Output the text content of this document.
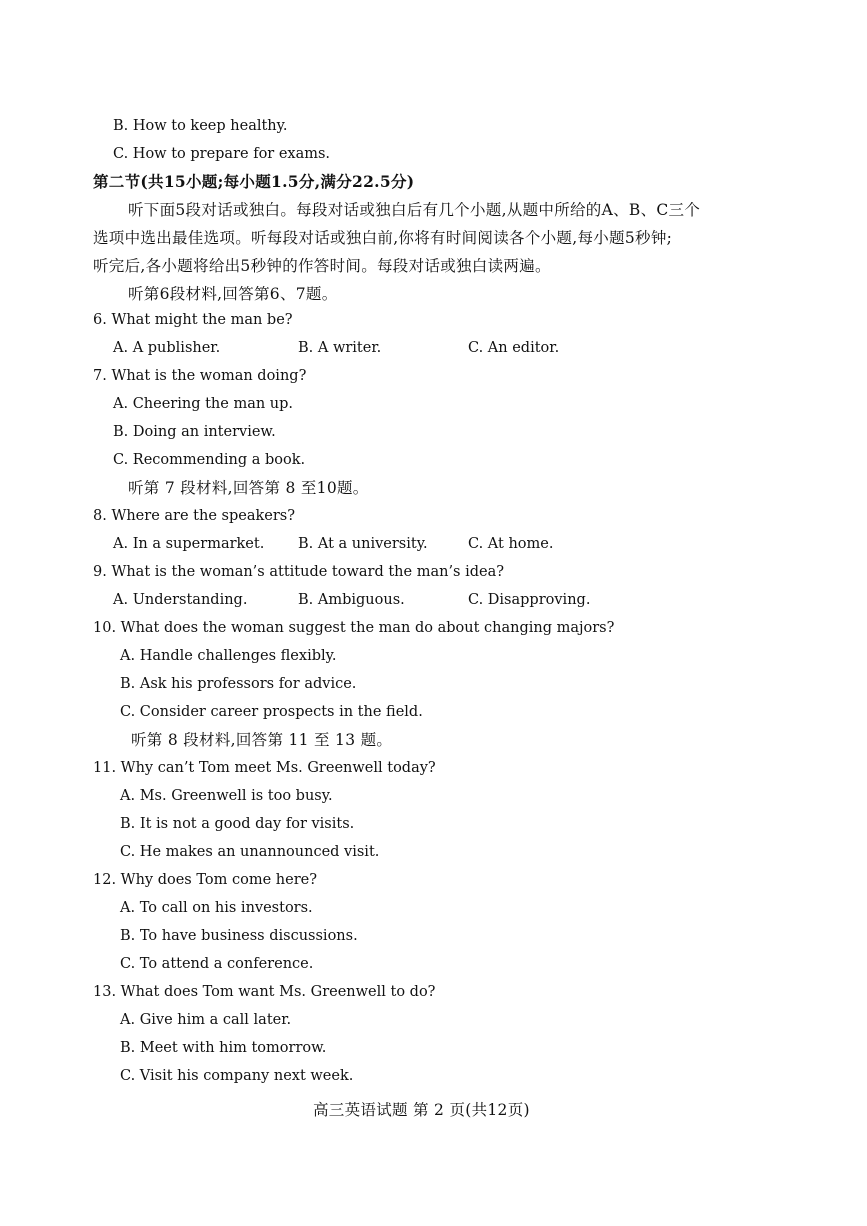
B. How to keep healthy.
C. How to prepare for exams.
第二节(共15小题;每小题1.5分,满分22.5分)
听下面5段对话或独白。每段对话或独白后有几个小题,从题中所给的A、B、C三个
选项中选出最佳选项。听每段对话或独白前,你将有时间阅读各个小题,每小题5秒钟;
听完后,各小题将给出5秒钟的作答时间。每段对话或独白读两遍。
听第6段材料,回答第6、7题。
6. What might the man be?
A. A publisher.	B. A writer.	C. An editor.
7. What is the woman doing?
A. Cheering the man up.
B. Doing an interview.
C. Recommending a book.
听第 7 段材料,回答第 8 至10题。
8. Where are the speakers?
A. In a supermarket. B. At a university.	C. At home.
9. What is the woman’s attitude toward the man’s idea?
A. Understanding.	B. Ambiguous.	C. Disapproving.
10. What does the woman suggest the man do about changing majors?
A. Handle challenges flexibly.
B. Ask his professors for advice.
C. Consider career prospects in the field.
听第 8 段材料,回答第 11 至 13 题。
11. Why can’t Tom meet Ms. Greenwell today?
A. Ms. Greenwell is too busy.
B. It is not a good day for visits.
C. He makes an unannounced visit.
12. Why does Tom come here?
A. To call on his investors.
B. To have business discussions.
C. To attend a conference.
13. What does Tom want Ms. Greenwell to do?
A. Give him a call later.
B. Meet with him tomorrow.
C. Visit his company next week.
高三英语试题 第 2 页(共12页)
